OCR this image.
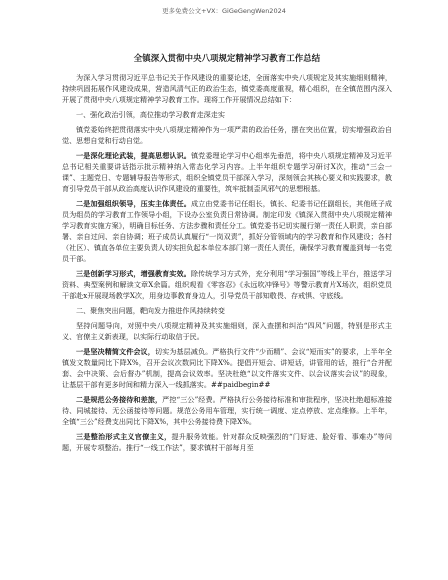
更多免费公文+VX：GiGeGengWen2024
全镇深入贯彻中央八项规定精神学习教育工作总结

为深入学习贯彻习近平总书记关于作风建设的重要论述，全面落实中央八项规定及其实施细则精神，持续巩固拓展作风建设成果，营造风清气正的政治生态，镇党委高度重视，精心组织，在全镇范围内深入开展了贯彻中央八项规定精神学习教育工作。现将工作开展情况总结如下：

一、强化政治引领，高位推动学习教育走深走实

镇党委始终把贯彻落实中央八项规定精神作为一项严肃的政治任务，摆在突出位置，切实增强政治自觉、思想自觉和行动自觉。

一是深化理论武装，提高思想认识。镇党委理论学习中心组率先垂范，将中央八项规定精神及习近平总书记相关重要讲话指示批示精神纳入常态化学习内容。上半年组织专题学习研讨X次，推动“三会一课”、主题党日、专题辅导报告等形式，组织全镇党员干部深入学习，深刻领会其核心要义和实践要求，教育引导党员干部从政治高度认识作风建设的重要性，筑牢抵制歪风邪气的思想根基。

二是加强组织领导，压实主体责任。成立由党委书记任组长，镇长、纪委书记任副组长，其他班子成员为组员的学习教育工作领导小组，下设办公室负责日常协调。制定印发《镇深入贯彻中央八项规定精神学习教育实施方案》，明确目标任务、方法步骤和责任分工。镇党委书记切实履行第一责任人职责，亲自部署、亲自过问、亲自协调；班子成员认真履行“一岗双责”，抓好分管领域内的学习教育和作风建设；各村（社区）、镇直各单位主要负责人切实担负起本单位本部门第一责任人责任，确保学习教育覆盖到每一名党员干部。

三是创新学习形式，增强教育实效。除传统学习方式外，充分利用“学习强国”等线上平台，推送学习资料、典型案例和解读文章X余篇。组织观看《零容忍》《永远吹冲锋号》等警示教育片X场次，组织党员干部赴x开展现场教学X次，用身边事教育身边人，引导党员干部知敬畏、存戒惧、守底线。

二、聚焦突出问题，靶向发力推进作风持续转变

坚持问题导向，对照中央八项规定精神及其实施细则，深入查摆和纠治“四风”问题，特别是形式主义、官僚主义新表现，以实际行动取信于民。

一是坚决精简文件会议，切实为基层减负。严格执行文件“少而精”、会议“短而实”的要求，上半年全镇发文数量同比下降X%，召开会议次数同比下降X%。提倡开短会、讲短话，讲管用的话，推行“合并配套、会中决策、会后督办”机制，提高会议效率。坚决杜绝“以文件落实文件、以会议落实会议”的现象，让基层干部有更多时间和精力深入一线抓落实。##paidbegin##

二是规范公务接待和差旅，严控“三公”经费。严格执行公务接待标准和审批程序，坚决杜绝超标准接待、同城接待、无公函接待等问题。规范公务用车管理，实行统一调度、定点停放、定点维修。上半年，全镇“三公”经费支出同比下降X%，其中公务接待费下降X%。

三是整治形式主义官僚主义，提升服务效能。针对群众反映强烈的“门好进、脸好看、事难办”等问题，开展专项整治。推行“一线工作法”，要求镇村干部每月至
